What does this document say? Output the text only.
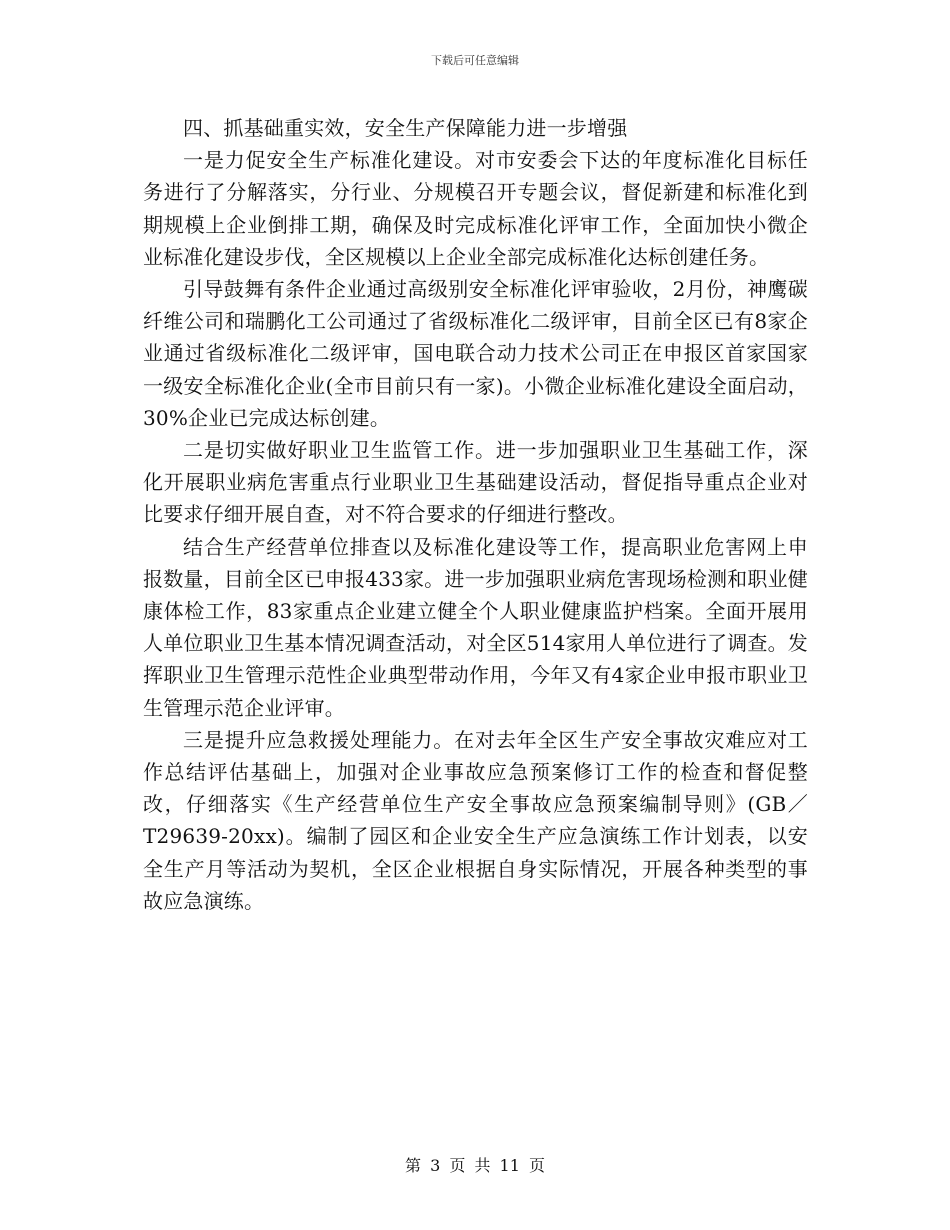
下载后可任意编辑

四、抓基础重实效，安全生产保障能力进一步增强

一是力促安全生产标准化建设。对市安委会下达的年度标准化目标任务进行了分解落实，分行业、分规模召开专题会议，督促新建和标准化到期规模上企业倒排工期，确保及时完成标准化评审工作，全面加快小微企业标准化建设步伐，全区规模以上企业全部完成标准化达标创建任务。

引导鼓舞有条件企业通过高级别安全标准化评审验收，2月份，神鹰碳纤维公司和瑞鹏化工公司通过了省级标准化二级评审，目前全区已有8家企业通过省级标准化二级评审，国电联合动力技术公司正在申报区首家国家一级安全标准化企业(全市目前只有一家)。小微企业标准化建设全面启动，30%企业已完成达标创建。

二是切实做好职业卫生监管工作。进一步加强职业卫生基础工作，深化开展职业病危害重点行业职业卫生基础建设活动，督促指导重点企业对比要求仔细开展自查，对不符合要求的仔细进行整改。

结合生产经营单位排查以及标准化建设等工作，提高职业危害网上申报数量，目前全区已申报433家。进一步加强职业病危害现场检测和职业健康体检工作，83家重点企业建立健全个人职业健康监护档案。全面开展用人单位职业卫生基本情况调查活动，对全区514家用人单位进行了调查。发挥职业卫生管理示范性企业典型带动作用，今年又有4家企业申报市职业卫生管理示范企业评审。

三是提升应急救援处理能力。在对去年全区生产安全事故灾难应对工作总结评估基础上，加强对企业事故应急预案修订工作的检查和督促整改，仔细落实《生产经营单位生产安全事故应急预案编制导则》(GB／T29639-20xx)。编制了园区和企业安全生产应急演练工作计划表，以安全生产月等活动为契机，全区企业根据自身实际情况，开展各种类型的事故应急演练。

第 3 页 共 11 页
